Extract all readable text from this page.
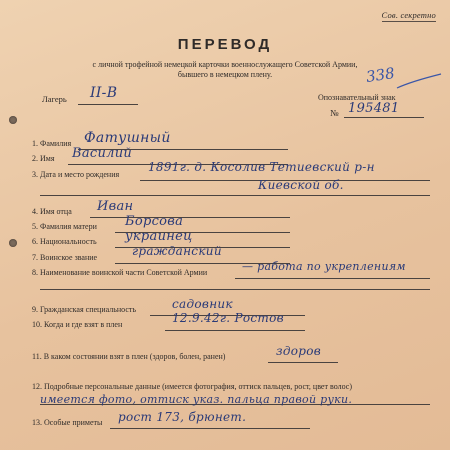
Сов. секретно
ПЕРЕВОД
с личной трофейной немецкой карточки военнослужащего Советской Армии,
бывшего в немецком плену.	338
Лагерь II-B	Опознавательный знак
№ 195481
1. Фамилия Фатушный
2. Имя Василий
3. Дата и место рождения
1891г. д. Косолив Тетиевский р-н
Киевской об.
4. Имя отца Иван
5. Фамилия матери Борсова
6. Национальность украинец
7. Воинское звание	гражданский
8. Наименование воинской части Советской Армии	— работа по укреплениям
9. Гражданская специальность	садовник
10. Когда и где взят в плен	12.9.42г. Ростов
11. В каком состоянии взят в плен (здоров, болен, ранен)	здоров
12. Подробные персональные данные (имеется фотография, оттиск пальцев, рост, цвет волос)
имеется фото, оттиск указ. пальца правой руки.
13. Особые приметы рост 173, брюнет.
